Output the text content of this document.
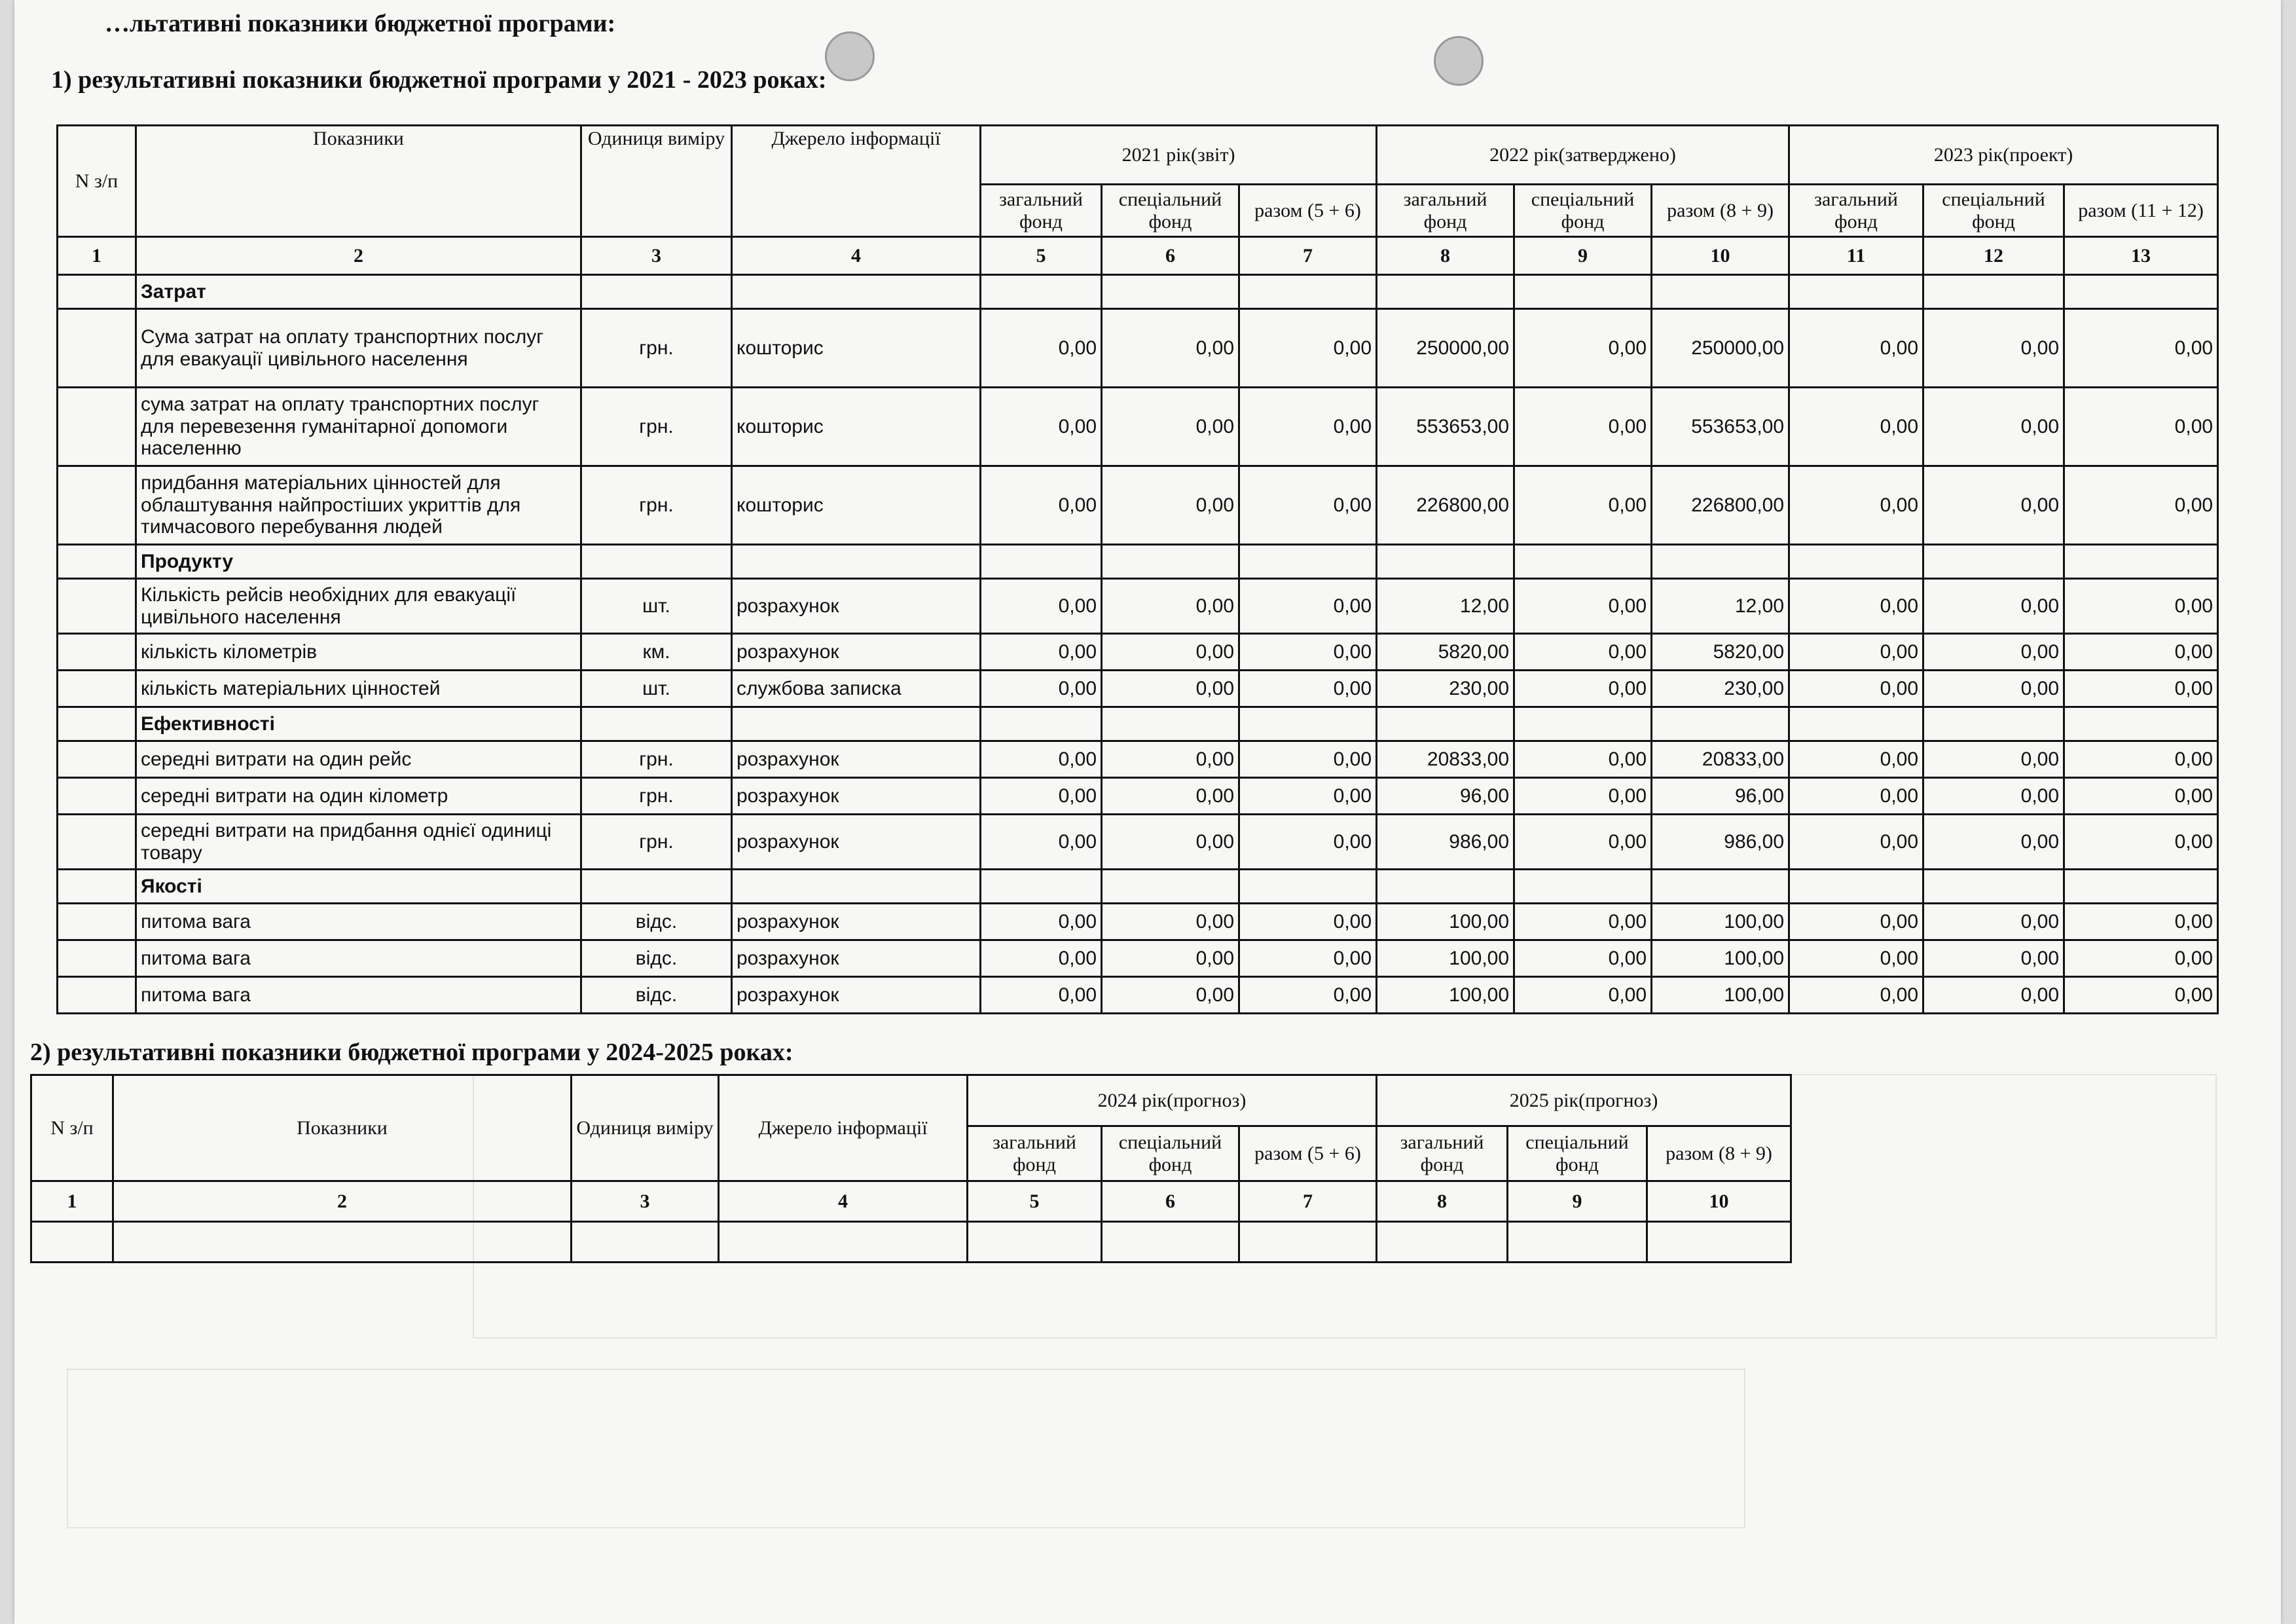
…льтативні показники бюджетної програми:
1) результативні показники бюджетної програми у 2021 - 2023 роках:
N з/п	Показники	Одиниця виміру	Джерело інформації	2021 рік(звіт)			2022 рік(затверджено)			2023 рік(проект)		
				загальний фонд	спеціальний фонд	разом (5 + 6)	загальний фонд	спеціальний фонд	разом (8 + 9)	загальний фонд	спеціальний фонд	разом (11 + 12)
1	2	3	4	5	6	7	8	9	10	11	12	13
	Затрат											
	Сума затрат на оплату транспортних послуг для евакуації цивільного населення	грн.	кошторис	0,00	0,00	0,00	250000,00	0,00	250000,00	0,00	0,00	0,00
	сума затрат на оплату транспортних послуг для перевезення гуманітарної допомоги населенню	грн.	кошторис	0,00	0,00	0,00	553653,00	0,00	553653,00	0,00	0,00	0,00
	придбання матеріальних цінностей для облаштування найпростіших укриттів для тимчасового перебування людей	грн.	кошторис	0,00	0,00	0,00	226800,00	0,00	226800,00	0,00	0,00	0,00
	Продукту											
	Кількість рейсів необхідних для евакуації цивільного населення	шт.	розрахунок	0,00	0,00	0,00	12,00	0,00	12,00	0,00	0,00	0,00
	кількість кілометрів	км.	розрахунок	0,00	0,00	0,00	5820,00	0,00	5820,00	0,00	0,00	0,00
	кількість матеріальних цінностей	шт.	службова записка	0,00	0,00	0,00	230,00	0,00	230,00	0,00	0,00	0,00
	Ефективності											
	середні витрати на один рейс	грн.	розрахунок	0,00	0,00	0,00	20833,00	0,00	20833,00	0,00	0,00	0,00
	середні витрати на один кілометр	грн.	розрахунок	0,00	0,00	0,00	96,00	0,00	96,00	0,00	0,00	0,00
	середні витрати на придбання однієї одиниці товару	грн.	розрахунок	0,00	0,00	0,00	986,00	0,00	986,00	0,00	0,00	0,00
	Якості											
	питома вага	відс.	розрахунок	0,00	0,00	0,00	100,00	0,00	100,00	0,00	0,00	0,00
	питома вага	відс.	розрахунок	0,00	0,00	0,00	100,00	0,00	100,00	0,00	0,00	0,00
	питома вага	відс.	розрахунок	0,00	0,00	0,00	100,00	0,00	100,00	0,00	0,00	0,00
2) результативні показники бюджетної програми у 2024-2025 роках:
N з/п	Показники	Одиниця виміру	Джерело інформації	2024 рік(прогноз)			2025 рік(прогноз)		
				загальний фонд	спеціальний фонд	разом (5 + 6)	загальний фонд	спеціальний фонд	разом (8 + 9)
1	2	3	4	5	6	7	8	9	10
